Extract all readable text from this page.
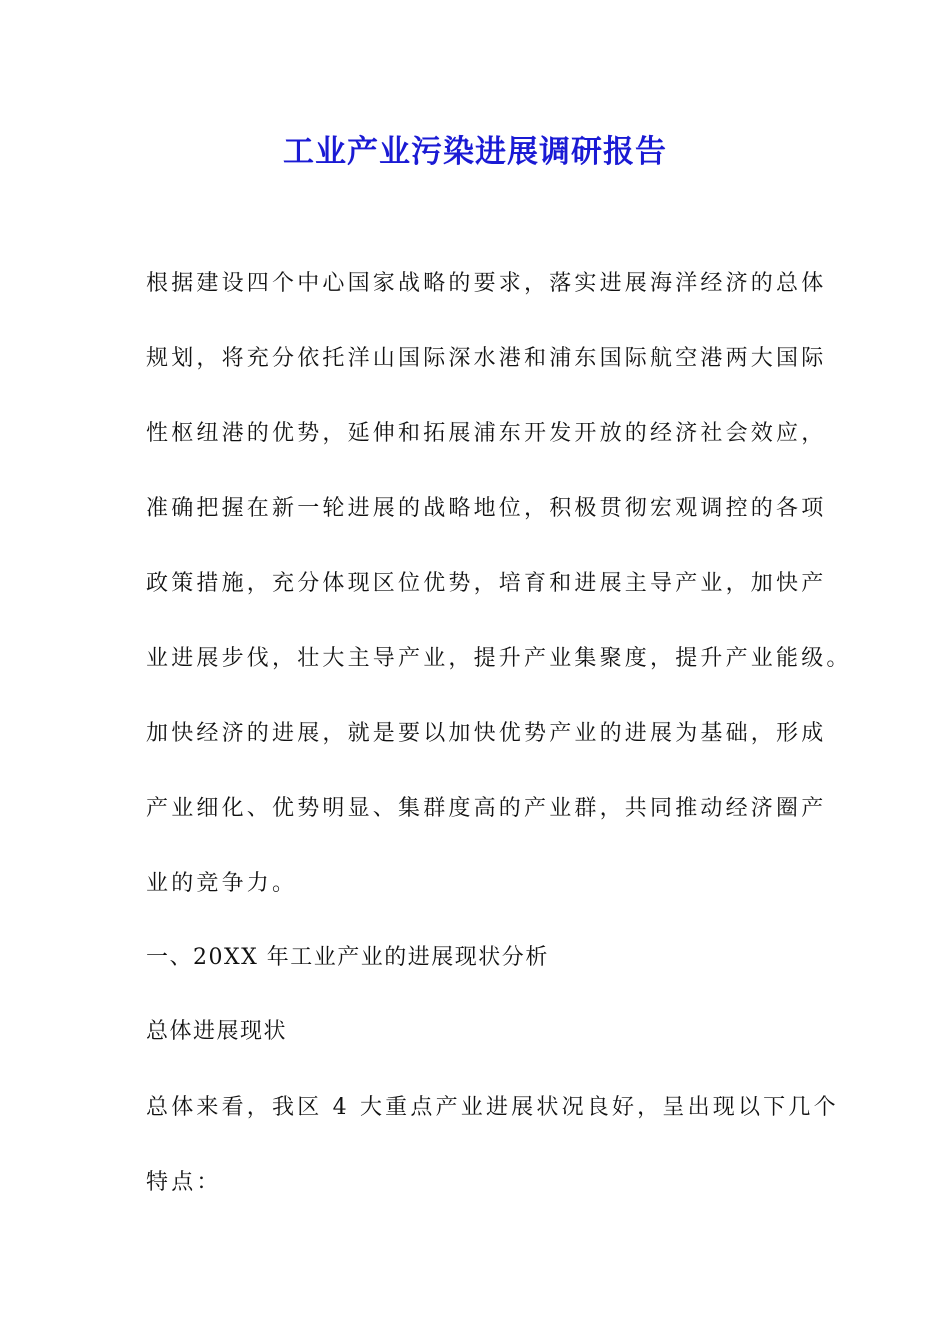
工业产业污染进展调研报告
根据建设四个中心国家战略的要求，落实进展海洋经济的总体
规划，将充分依托洋山国际深水港和浦东国际航空港两大国际
性枢纽港的优势，延伸和拓展浦东开发开放的经济社会效应，
准确把握在新一轮进展的战略地位，积极贯彻宏观调控的各项
政策措施，充分体现区位优势，培育和进展主导产业，加快产
业进展步伐，壮大主导产业，提升产业集聚度，提升产业能级。
加快经济的进展，就是要以加快优势产业的进展为基础，形成
产业细化、优势明显、集群度高的产业群，共同推动经济圈产
业的竞争力。
一、20XX 年工业产业的进展现状分析
总体进展现状
总体来看，我区 4 大重点产业进展状况良好，呈出现以下几个
特点：
